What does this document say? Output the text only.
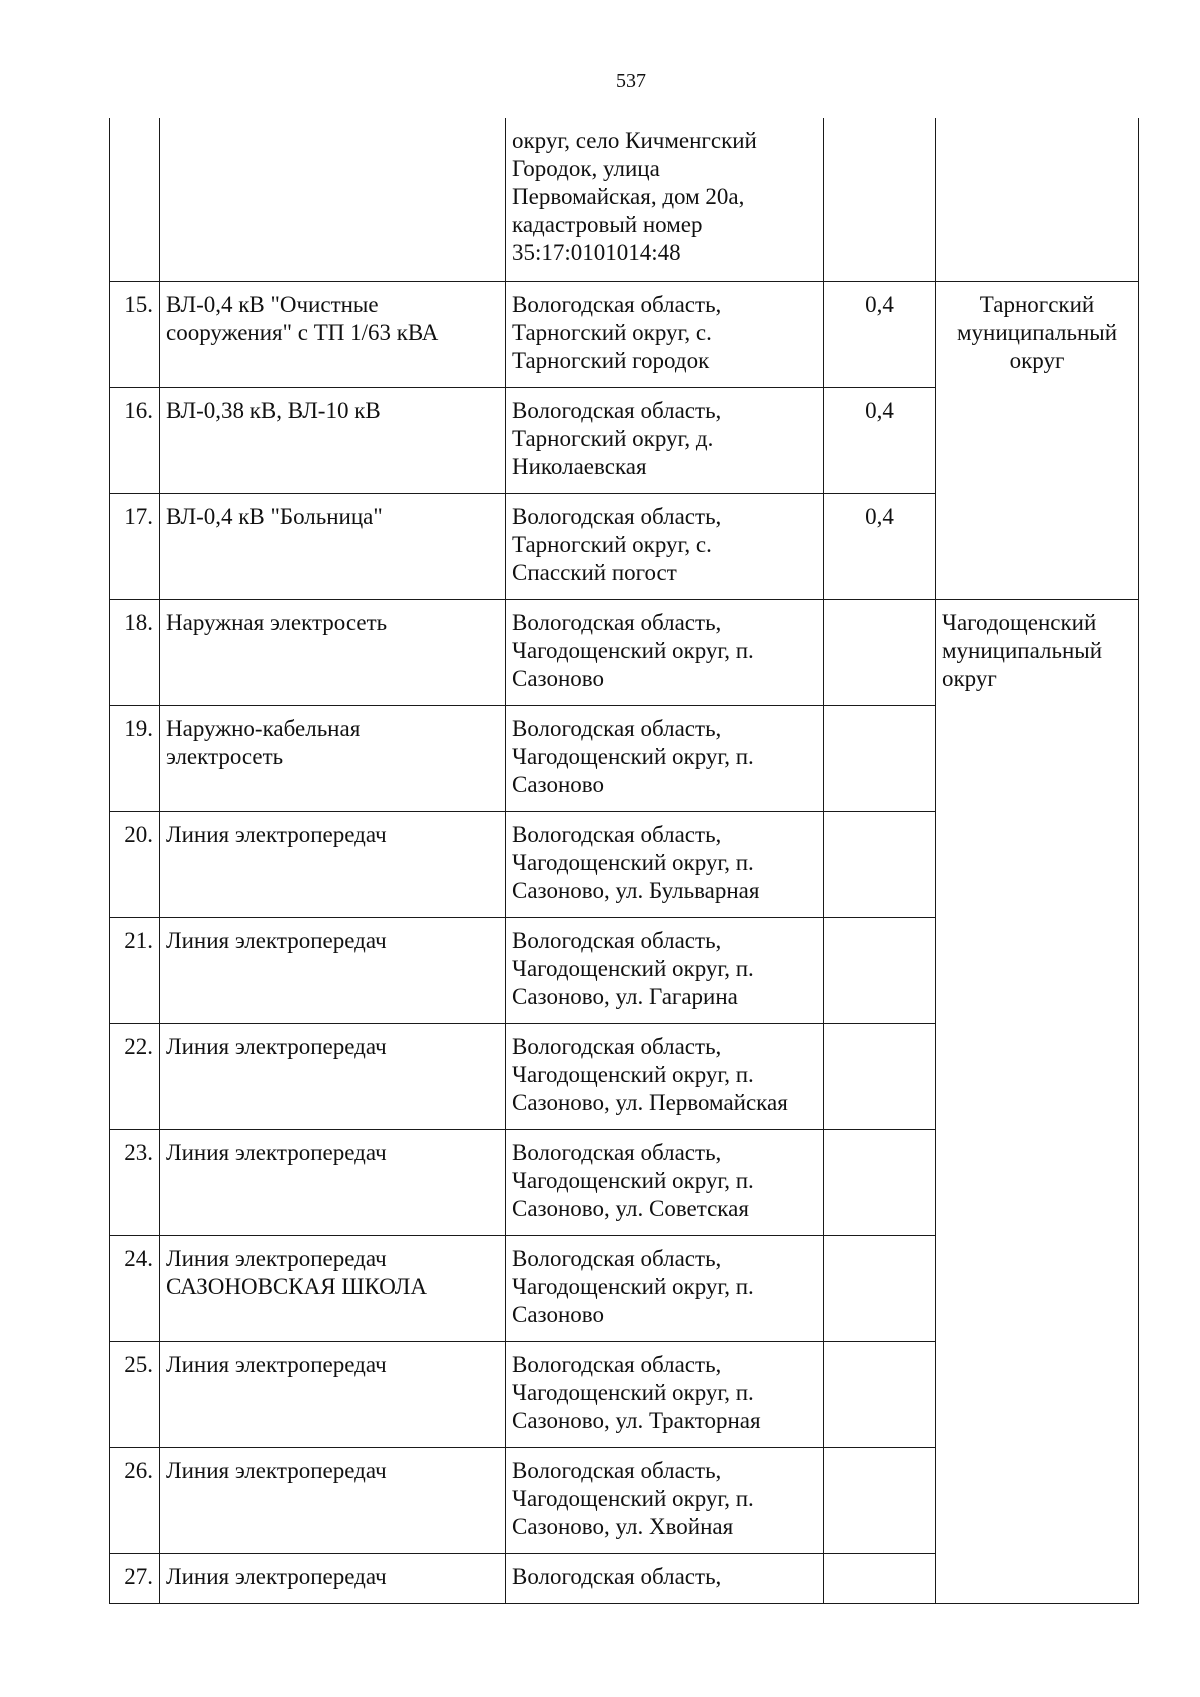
537

		округ, село Кичменгский
Городок, улица
Первомайская, дом 20а,
кадастровый номер
35:17:0101014:48		

15.	ВЛ-0,4 кВ "Очистные
сооружения" с ТП 1/63 кВА	Вологодская область,
Тарногский округ, с.
Тарногский городок	0,4	Тарногский
муниципальный
округ

16.	ВЛ-0,38 кВ, ВЛ-10 кВ	Вологодская область,
Тарногский округ, д.
Николаевская	0,4	
17.	ВЛ-0,4 кВ "Больница"	Вологодская область,
Тарногский округ, с.
Спасский погост	0,4	
18.	Наружная электросеть	Вологодская область,
Чагодощенский округ, п.
Сазоново		Чагодощенский
муниципальный
округ

19.	Наружно-кабельная
электросеть	Вологодская область,
Чагодощенский округ, п.
Сазоново		

20.	Линия электропередач	Вологодская область,
Чагодощенский округ, п.
Сазоново, ул. Бульварная		

21.	Линия электропередач	Вологодская область,
Чагодощенский округ, п.
Сазоново, ул. Гагарина		

22.	Линия электропередач	Вологодская область,
Чагодощенский округ, п.
Сазоново, ул. Первомайская		

23.	Линия электропередач	Вологодская область,
Чагодощенский округ, п.
Сазоново, ул. Советская		

24.	Линия электропередач
САЗОНОВСКАЯ ШКОЛА	Вологодская область,
Чагодощенский округ, п.
Сазоново		

25.	Линия электропередач	Вологодская область,
Чагодощенский округ, п.
Сазоново, ул. Тракторная		

26.	Линия электропередач	Вологодская область,
Чагодощенский округ, п.
Сазоново, ул. Хвойная		

27.	Линия электропередач	Вологодская область,		
